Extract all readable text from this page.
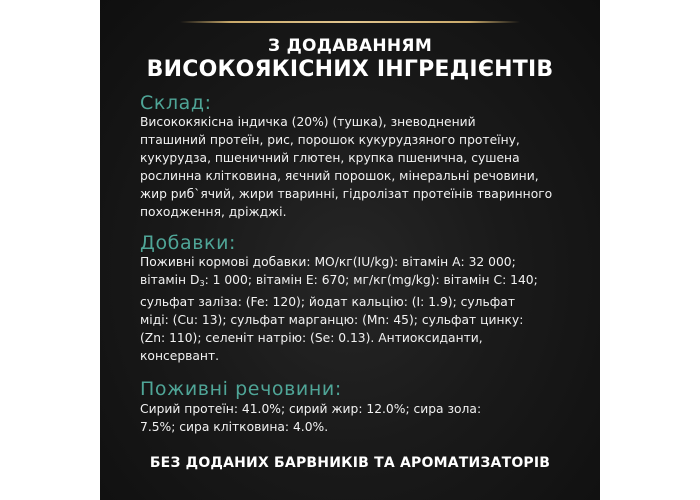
З ДОДАВАННЯМ
ВИСОКОЯКІСНИХ ІНГРЕДІЄНТІВ
Склад:
Висококякісна індичка (20%) (тушка), зневоднений
пташиний протеїн, рис, порошок кукурудзяного протеїну,
кукурудза, пшеничний глютен, крупка пшенична, сушена
рослинна клітковина, яєчний порошок, мінеральні речовини,
жир риб`ячий, жири тваринні, гідролізат протеїнів тваринного
походження, дріжджі.
Добавки:
Поживні кормові добавки: МО/кг(IU/kg): вітамін А: 32 000;
вітамін $D_3$: 1 000; вітамін Е: 670; мг/кг(mg/kg): вітамін С: 140;
сульфат заліза: (Fe: 120); йодат кальцію: (I: 1.9); сульфат
міді: (Cu: 13); сульфат марганцю: (Mn: 45); сульфат цинку:
(Zn: 110); селеніт натрію: (Se: 0.13). Антиоксиданти,
консервант.
Поживні речовини:
Сирий протеїн: 41.0%; сирий жир: 12.0%; сира зола:
7.5%; сира клітковина: 4.0%.
БЕЗ ДОДАНИХ БАРВНИКІВ ТА АРОМАТИЗАТОРІВ
